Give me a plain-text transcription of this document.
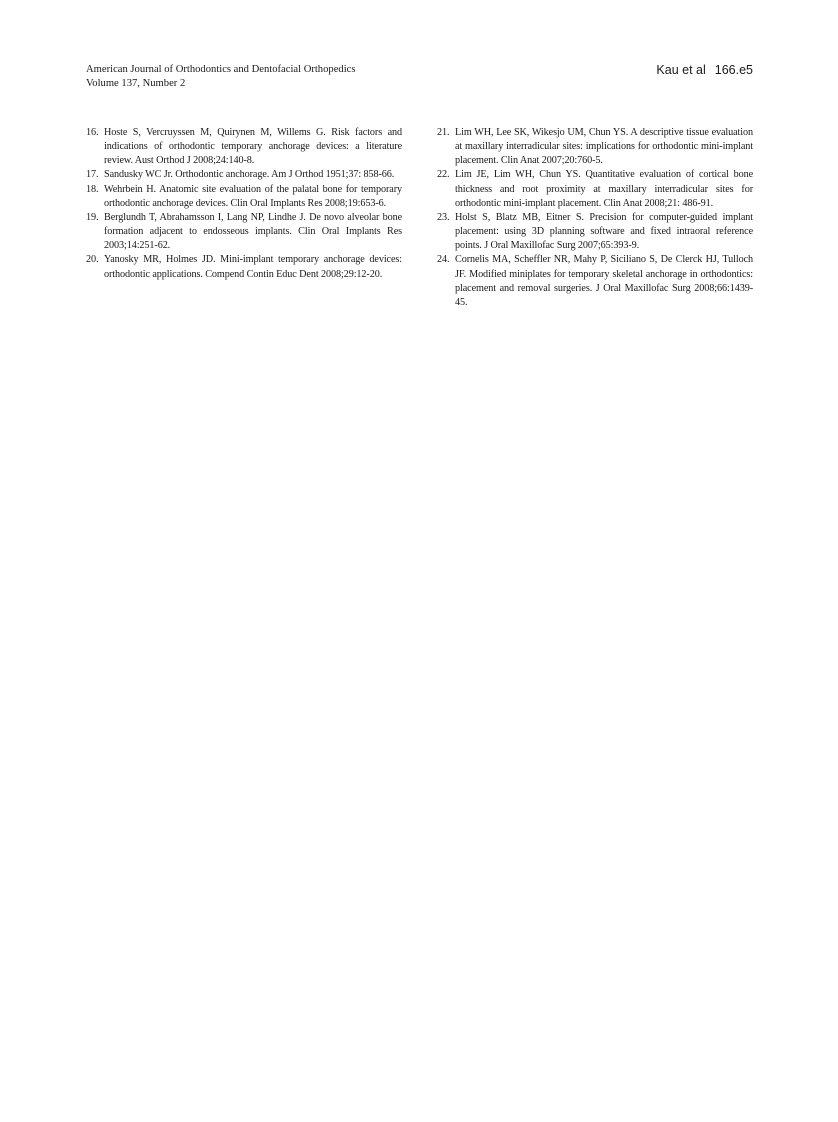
American Journal of Orthodontics and Dentofacial Orthopedics
Volume 137, Number 2
Kau et al 166.e5
16. Hoste S, Vercruyssen M, Quirynen M, Willems G. Risk factors and indications of orthodontic temporary anchorage devices: a literature review. Aust Orthod J 2008;24:140-8.
17. Sandusky WC Jr. Orthodontic anchorage. Am J Orthod 1951;37: 858-66.
18. Wehrbein H. Anatomic site evaluation of the palatal bone for temporary orthodontic anchorage devices. Clin Oral Implants Res 2008;19:653-6.
19. Berglundh T, Abrahamsson I, Lang NP, Lindhe J. De novo alveolar bone formation adjacent to endosseous implants. Clin Oral Implants Res 2003;14:251-62.
20. Yanosky MR, Holmes JD. Mini-implant temporary anchorage devices: orthodontic applications. Compend Contin Educ Dent 2008;29:12-20.
21. Lim WH, Lee SK, Wikesjo UM, Chun YS. A descriptive tissue evaluation at maxillary interradicular sites: implications for orthodontic mini-implant placement. Clin Anat 2007;20:760-5.
22. Lim JE, Lim WH, Chun YS. Quantitative evaluation of cortical bone thickness and root proximity at maxillary interradicular sites for orthodontic mini-implant placement. Clin Anat 2008;21: 486-91.
23. Holst S, Blatz MB, Eitner S. Precision for computer-guided implant placement: using 3D planning software and fixed intraoral reference points. J Oral Maxillofac Surg 2007;65:393-9.
24. Cornelis MA, Scheffler NR, Mahy P, Siciliano S, De Clerck HJ, Tulloch JF. Modified miniplates for temporary skeletal anchorage in orthodontics: placement and removal surgeries. J Oral Maxillofac Surg 2008;66:1439-45.
